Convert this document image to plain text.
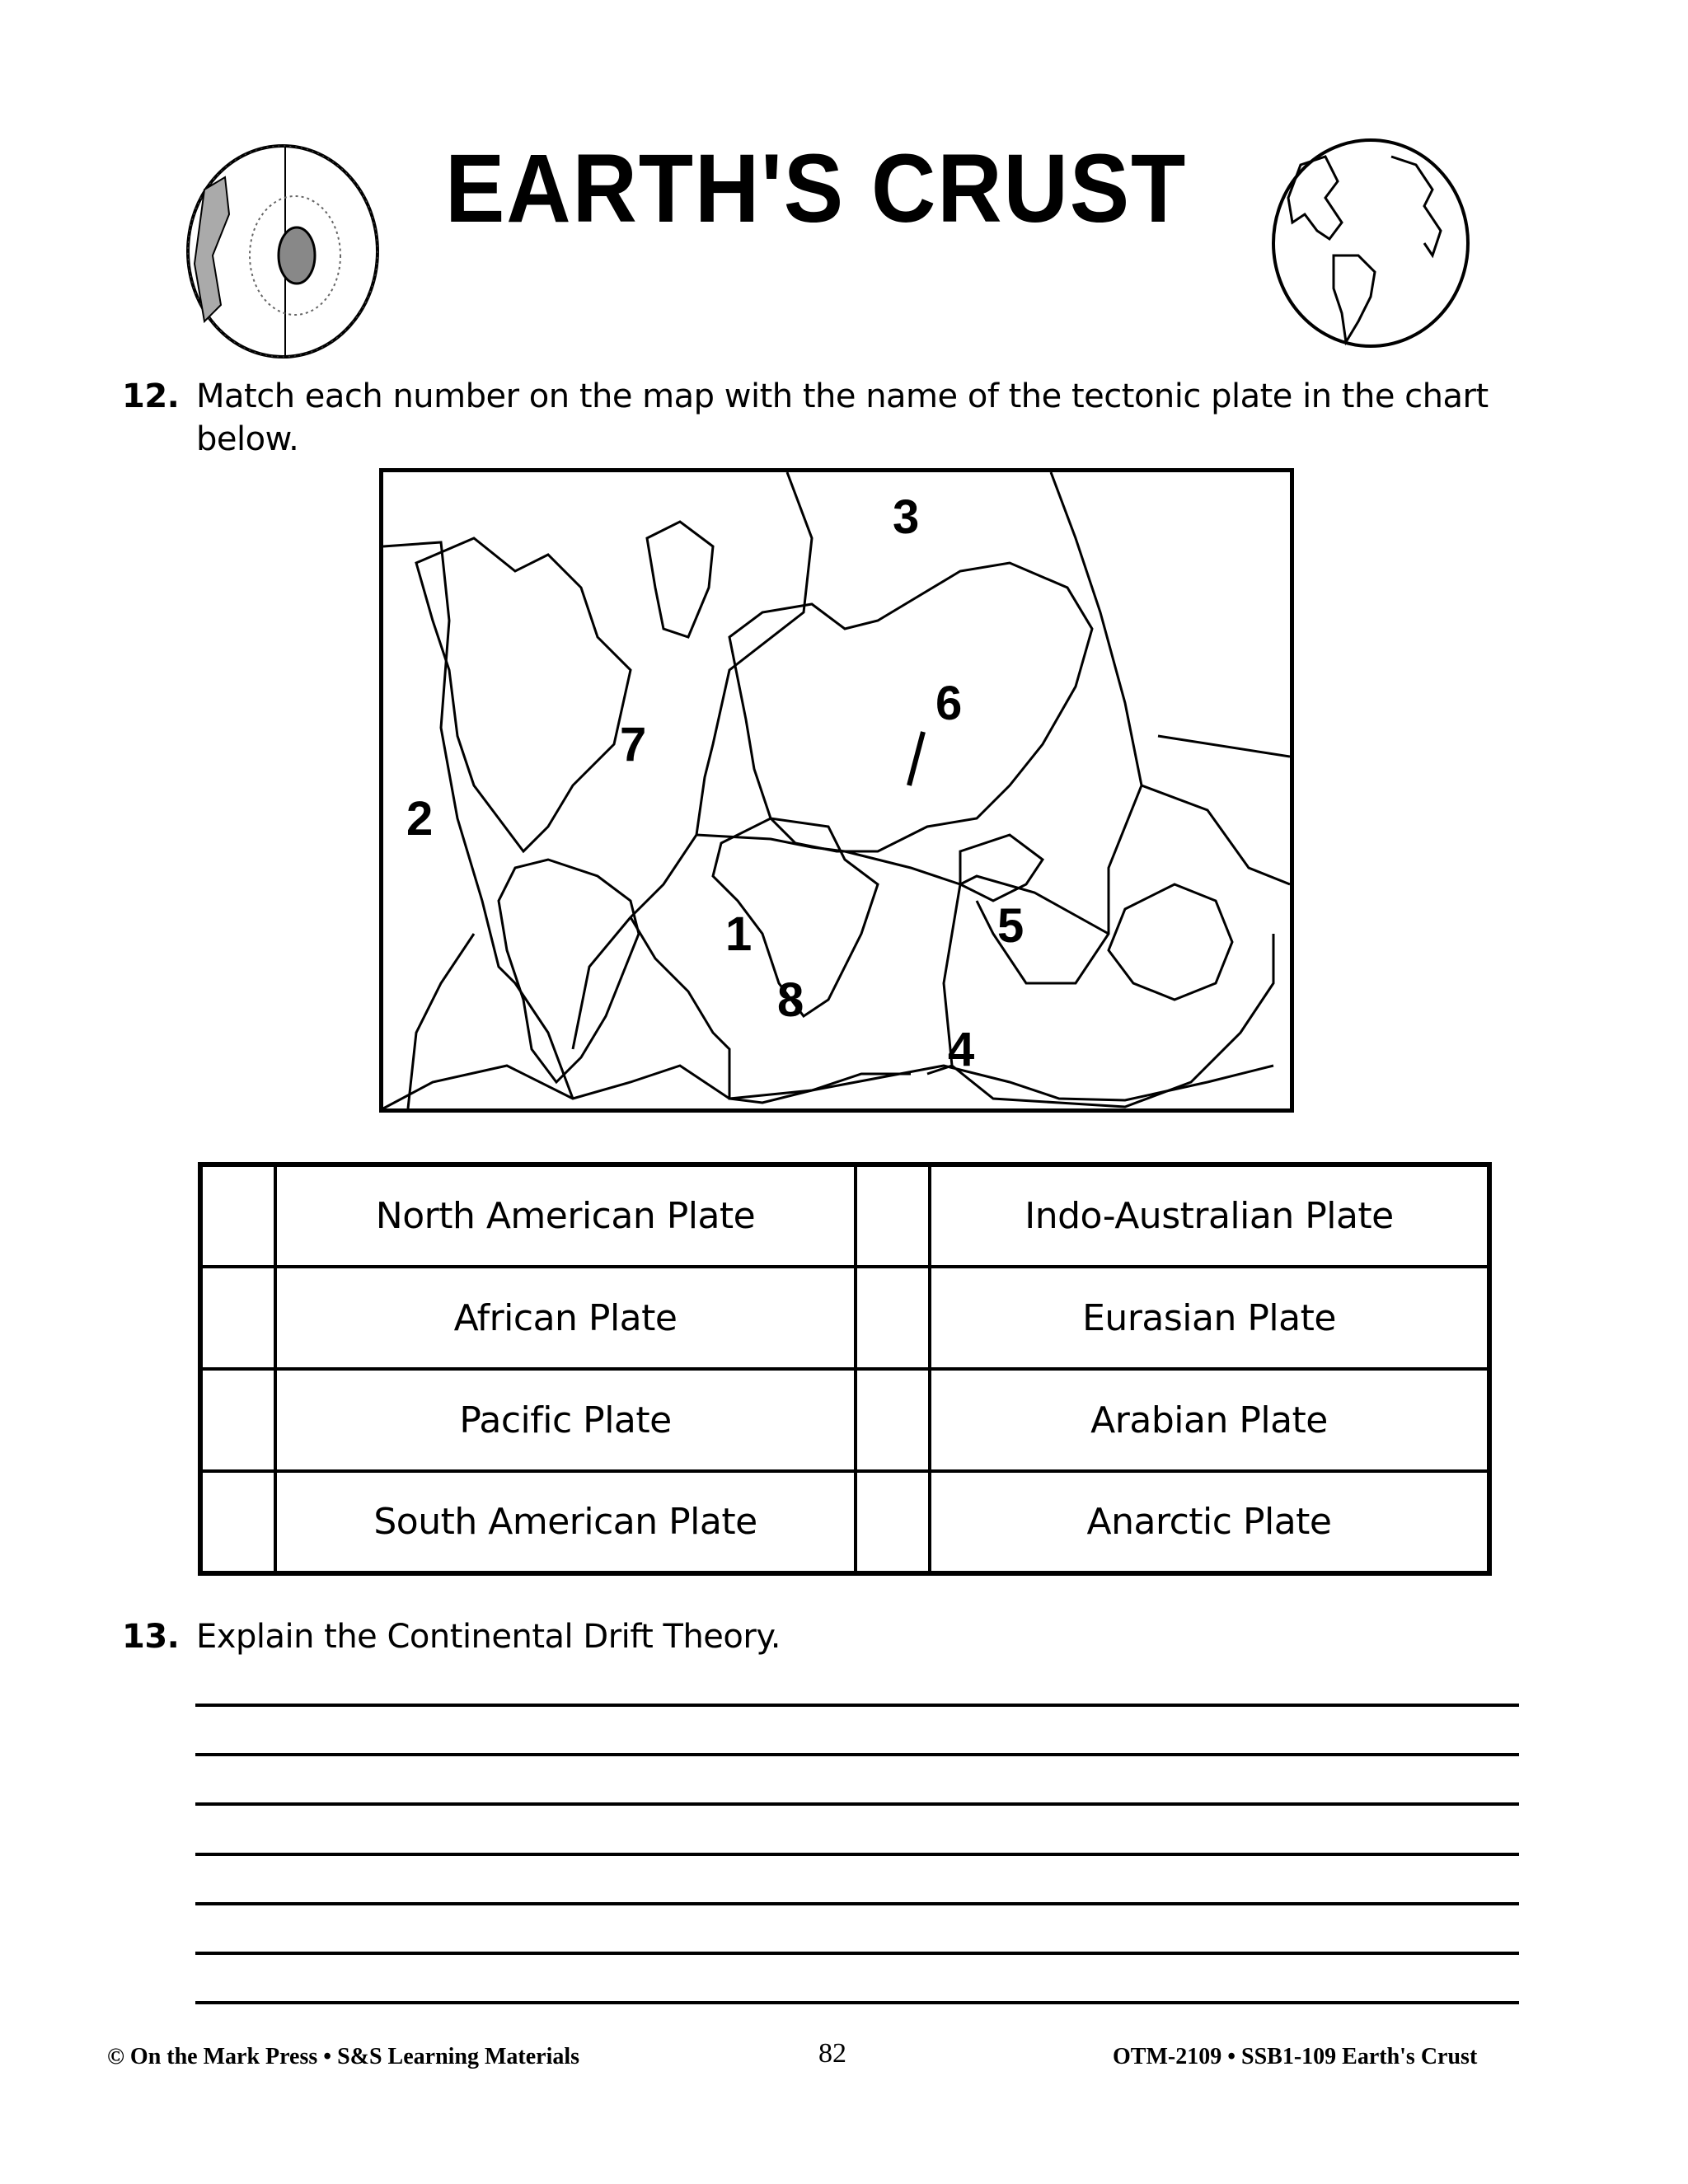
EARTH'S CRUST
12. Match each number on the map with the name of the tectonic plate in the chart
below.
1
2
3
4
5
6
7
8
	North American Plate		Indo-Australian Plate
	African Plate		Eurasian Plate
	Pacific Plate		Arabian Plate
	South American Plate		Anarctic Plate
13. Explain the Continental Drift Theory.
© On the Mark Press • S&S Learning Materials	82	OTM-2109 • SSB1-109 Earth's Crust
